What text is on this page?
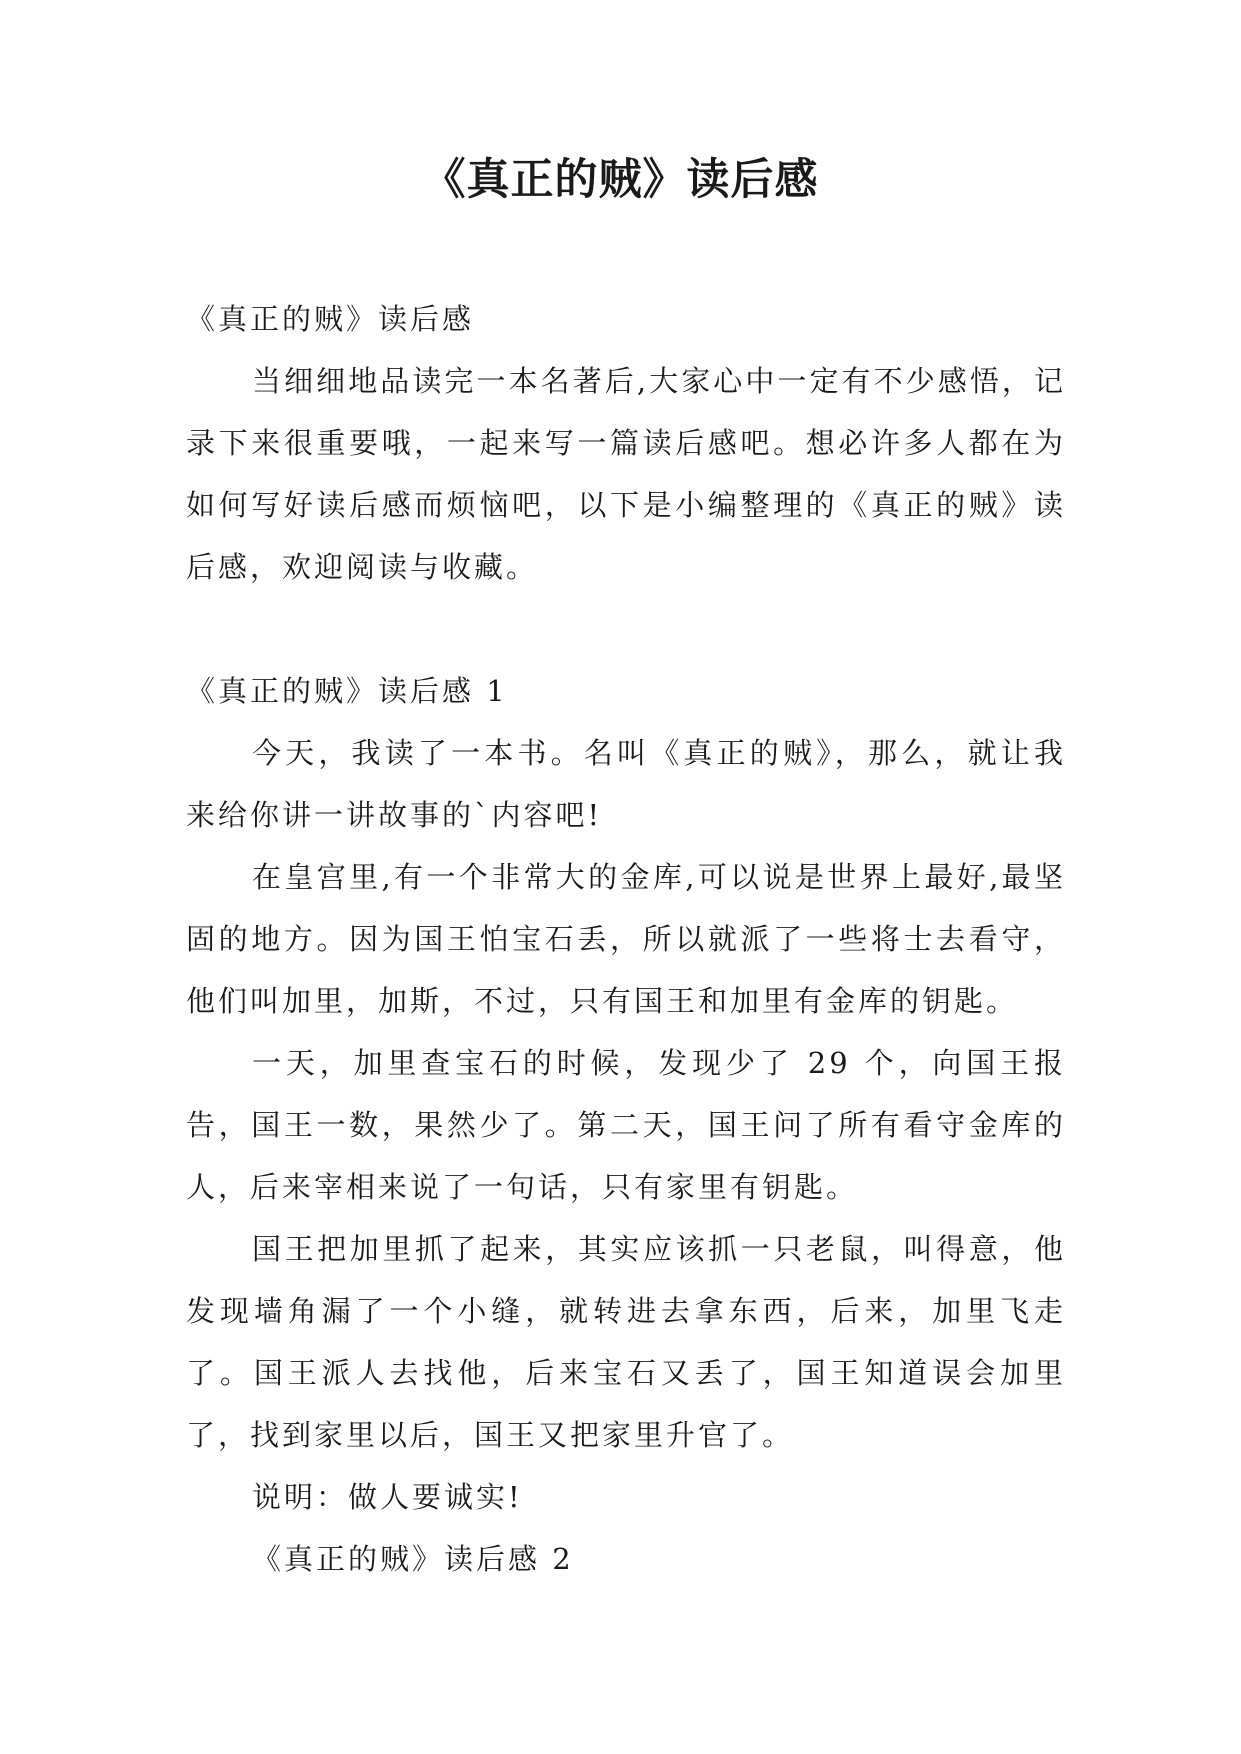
《真正的贼》读后感

《真正的贼》读后感

当细细地品读完一本名著后,大家心中一定有不少感悟，记录下来很重要哦，一起来写一篇读后感吧。想必许多人都在为如何写好读后感而烦恼吧，以下是小编整理的《真正的贼》读后感，欢迎阅读与收藏。

《真正的贼》读后感 1

今天，我读了一本书。名叫《真正的贼》，那么，就让我来给你讲一讲故事的`内容吧!

在皇宫里,有一个非常大的金库,可以说是世界上最好,最坚固的地方。因为国王怕宝石丢，所以就派了一些将士去看守，他们叫加里，加斯，不过，只有国王和加里有金库的钥匙。

一天，加里查宝石的时候，发现少了 29 个，向国王报告，国王一数，果然少了。第二天，国王问了所有看守金库的人，后来宰相来说了一句话，只有家里有钥匙。

国王把加里抓了起来，其实应该抓一只老鼠，叫得意，他发现墙角漏了一个小缝，就转进去拿东西，后来，加里飞走了。国王派人去找他，后来宝石又丢了，国王知道误会加里了，找到家里以后，国王又把家里升官了。

说明：做人要诚实!

《真正的贼》读后感 2
